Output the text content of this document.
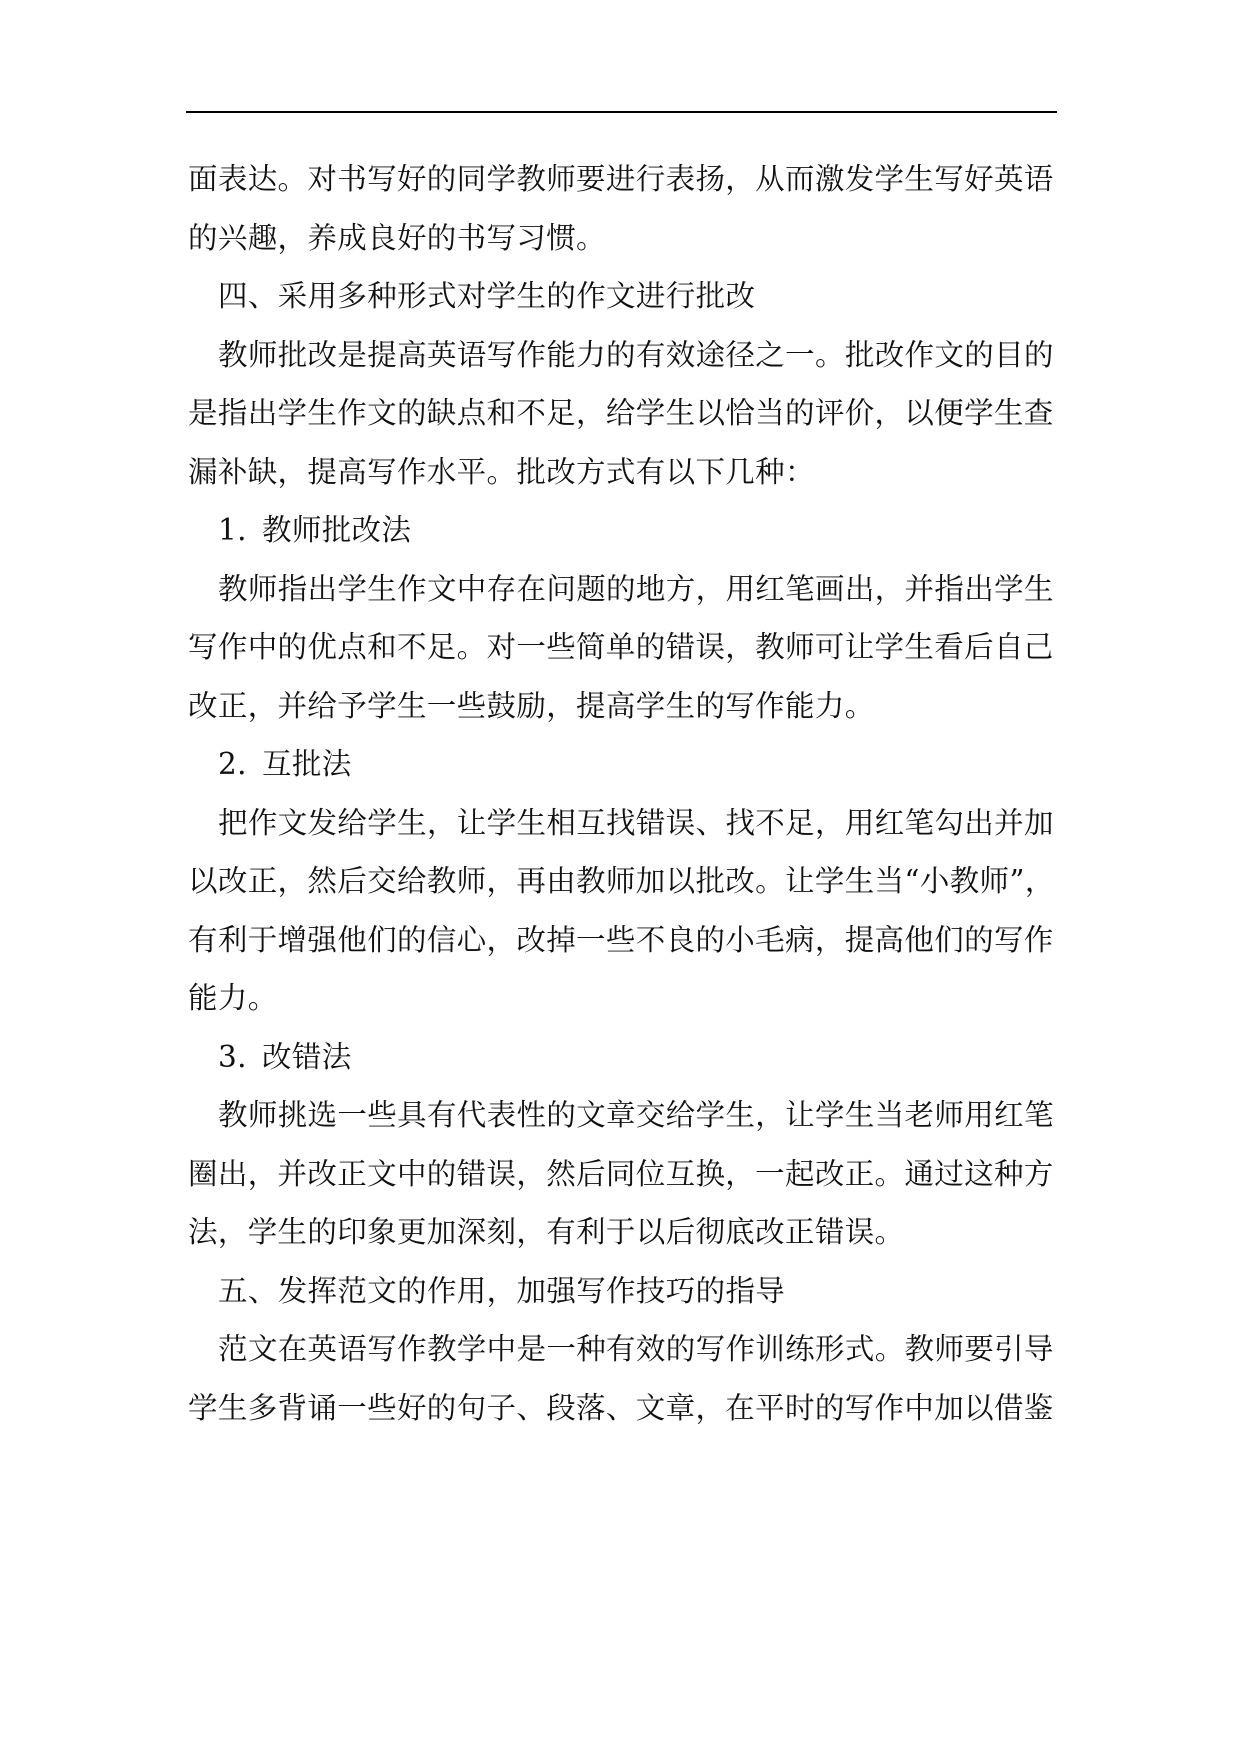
面表达。对书写好的同学教师要进行表扬，从而激发学生写好英语
的兴趣，养成良好的书写习惯。
四、采用多种形式对学生的作文进行批改
教师批改是提高英语写作能力的有效途径之一。批改作文的目的
是指出学生作文的缺点和不足，给学生以恰当的评价，以便学生查
漏补缺，提高写作水平。批改方式有以下几种：
1. 教师批改法
教师指出学生作文中存在问题的地方，用红笔画出，并指出学生
写作中的优点和不足。对一些简单的错误，教师可让学生看后自己
改正，并给予学生一些鼓励，提高学生的写作能力。
2. 互批法
把作文发给学生，让学生相互找错误、找不足，用红笔勾出并加
以改正，然后交给教师，再由教师加以批改。让学生当“小教师”，
有利于增强他们的信心，改掉一些不良的小毛病，提高他们的写作
能力。
3. 改错法
教师挑选一些具有代表性的文章交给学生，让学生当老师用红笔
圈出，并改正文中的错误，然后同位互换，一起改正。通过这种方
法，学生的印象更加深刻，有利于以后彻底改正错误。
五、发挥范文的作用，加强写作技巧的指导
范文在英语写作教学中是一种有效的写作训练形式。教师要引导
学生多背诵一些好的句子、段落、文章，在平时的写作中加以借鉴
